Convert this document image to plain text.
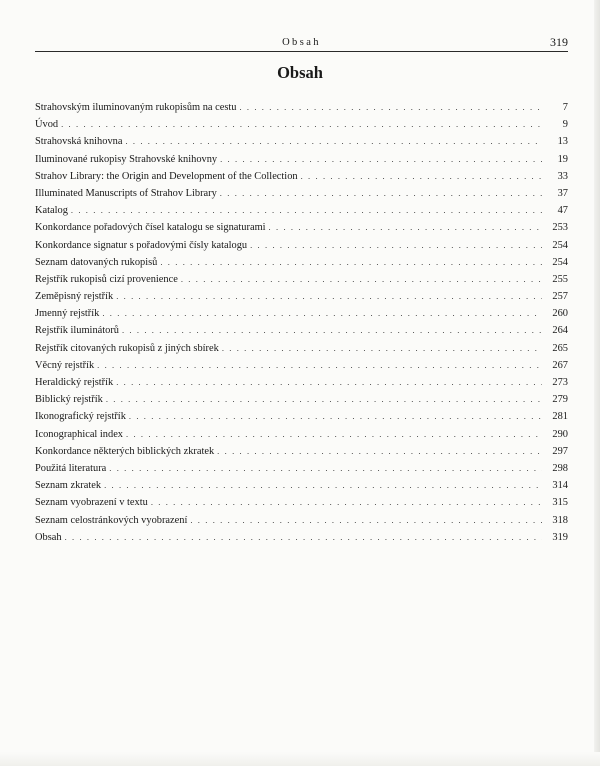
Obsah	319
Obsah
Strahovským iluminovaným rukopisům na cestu . . .	7
Úvod . . .	9
Strahovská knihovna . . .	13
Iluminované rukopisy Strahovské knihovny . . .	19
Strahov Library: the Origin and Development of the Collection . . .	33
Illuminated Manuscripts of Strahov Library . . .	37
Katalog . . .	47
Konkordance pořadových čísel katalogu se signaturami . . .	253
Konkordance signatur s pořadovými čísly katalogu . . .	254
Seznam datovaných rukopisů . . .	254
Rejstřík rukopisů cizí provenience . . .	255
Zeměpisný rejstřík . . .	257
Jmenný rejstřík . . .	260
Rejstřík iluminátorů . . .	264
Rejstřík citovaných rukopisů z jiných sbírek . . .	265
Věcný rejstřík . . .	267
Heraldický rejstřík . . .	273
Biblický rejstřík . . .	279
Ikonografický rejstřík . . .	281
Iconographical index . . .	290
Konkordance některých biblických zkratek . . .	297
Použitá literatura . . .	298
Seznam zkratek . . .	314
Seznam vyobrazení v textu . . .	315
Seznam celostránkových vyobrazení . . .	318
Obsah . . .	319
